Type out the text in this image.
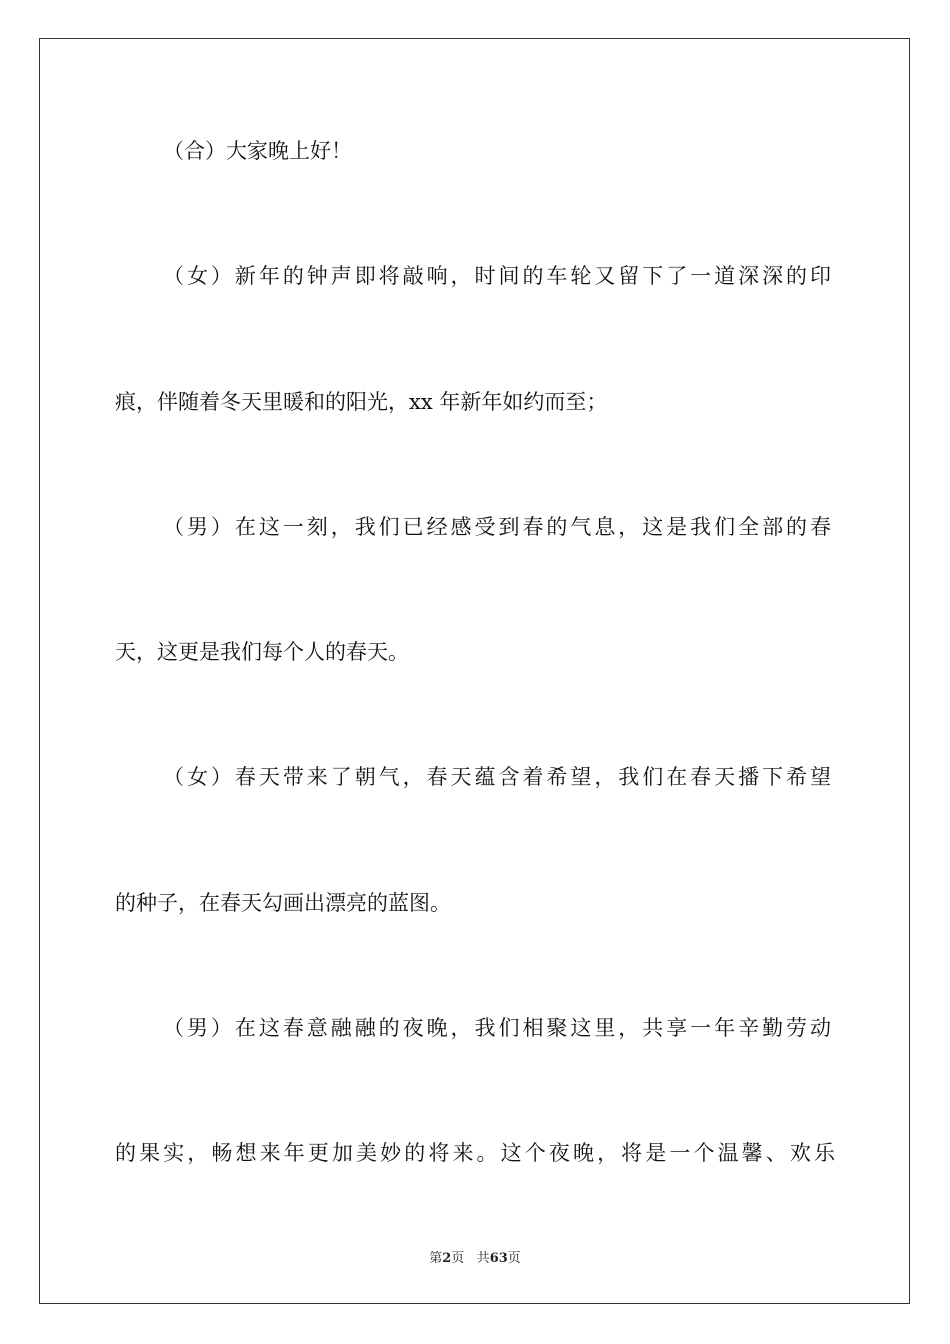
（合）大家晚上好！
（女）新年的钟声即将敲响，时间的车轮又留下了一道深深的印
痕，伴随着冬天里暖和的阳光，xx 年新年如约而至；
（男）在这一刻，我们已经感受到春的气息，这是我们全部的春
天，这更是我们每个人的春天。
（女）春天带来了朝气，春天蕴含着希望，我们在春天播下希望
的种子，在春天勾画出漂亮的蓝图。
（男）在这春意融融的夜晚，我们相聚这里，共享一年辛勤劳动
的果实，畅想来年更加美妙的将来。这个夜晚，将是一个温馨、欢乐
第2页 共63页
